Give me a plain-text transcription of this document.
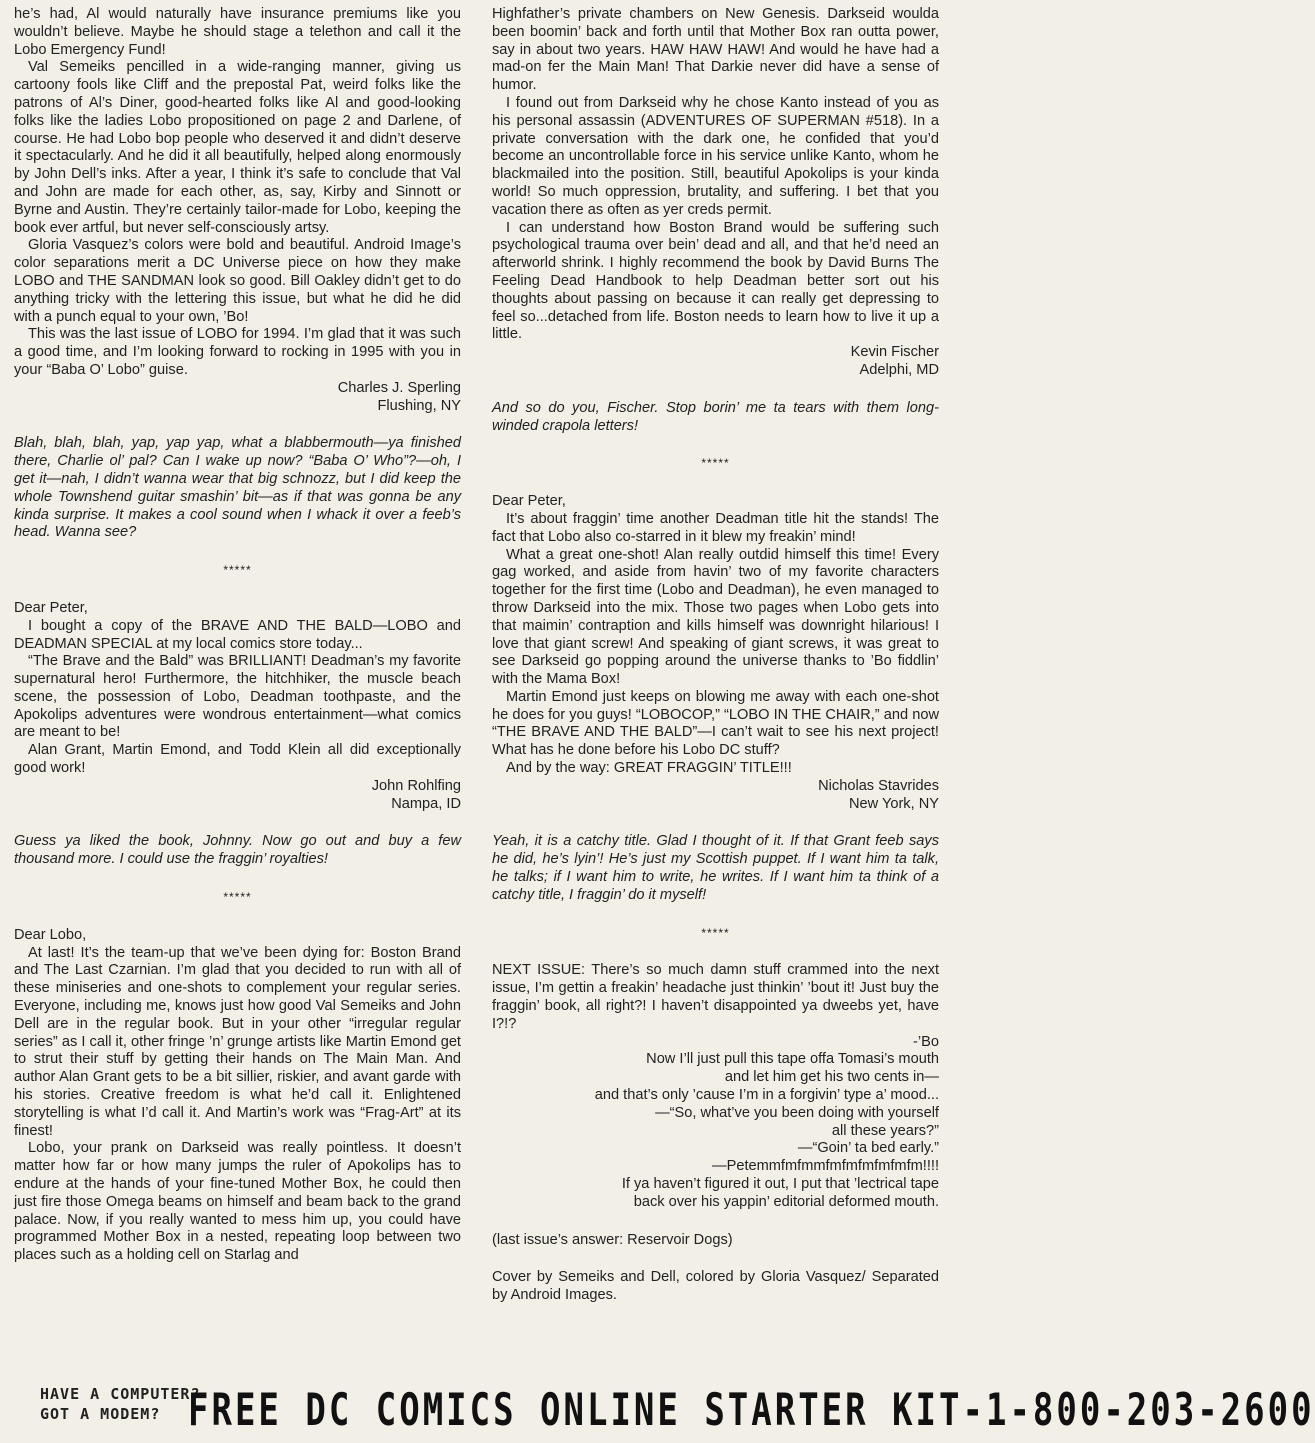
he’s had, Al would naturally have insurance premiums like you wouldn’t believe. Maybe he should stage a telethon and call it the Lobo Emergency Fund!

Val Semeiks pencilled in a wide-ranging manner, giving us cartoony fools like Cliff and the prepostal Pat, weird folks like the patrons of Al’s Diner, good-hearted folks like Al and good-looking folks like the ladies Lobo propositioned on page 2 and Darlene, of course. He had Lobo bop people who deserved it and didn’t deserve it spectacularly. And he did it all beautifully, helped along enormously by John Dell’s inks. After a year, I think it’s safe to conclude that Val and John are made for each other, as, say, Kirby and Sinnott or Byrne and Austin. They’re certainly tailor-made for Lobo, keeping the book ever artful, but never self-consciously artsy.

Gloria Vasquez’s colors were bold and beautiful. Android Image’s color separations merit a DC Universe piece on how they make LOBO and THE SANDMAN look so good. Bill Oakley didn’t get to do anything tricky with the lettering this issue, but what he did he did with a punch equal to your own, ’Bo!

This was the last issue of LOBO for 1994. I’m glad that it was such a good time, and I’m looking forward to rocking in 1995 with you in your “Baba O’ Lobo” guise.

Charles J. Sperling
Flushing, NY

Blah, blah, blah, yap, yap yap, what a blabbermouth—ya finished there, Charlie ol’ pal? Can I wake up now? “Baba O’ Who”?—oh, I get it—nah, I didn’t wanna wear that big schnozz, but I did keep the whole Townshend guitar smashin’ bit—as if that was gonna be any kinda surprise. It makes a cool sound when I whack it over a feeb’s head. Wanna see?

*****

Dear Peter,

I bought a copy of the BRAVE AND THE BALD—LOBO and DEADMAN SPECIAL at my local comics store today...

“The Brave and the Bald” was BRILLIANT! Deadman’s my favorite supernatural hero! Furthermore, the hitchhiker, the muscle beach scene, the possession of Lobo, Deadman toothpaste, and the Apokolips adventures were wondrous entertainment—what comics are meant to be!

Alan Grant, Martin Emond, and Todd Klein all did exceptionally good work!

John Rohlfing
Nampa, ID

Guess ya liked the book, Johnny. Now go out and buy a few thousand more. I could use the fraggin’ royalties!

*****

Dear Lobo,

At last! It’s the team-up that we’ve been dying for: Boston Brand and The Last Czarnian. I’m glad that you decided to run with all of these miniseries and one-shots to complement your regular series. Everyone, including me, knows just how good Val Semeiks and John Dell are in the regular book. But in your other “irregular regular series” as I call it, other fringe ’n’ grunge artists like Martin Emond get to strut their stuff by getting their hands on The Main Man. And author Alan Grant gets to be a bit sillier, riskier, and avant garde with his stories. Creative freedom is what he’d call it. Enlightened storytelling is what I’d call it. And Martin’s work was “Frag-Art” at its finest!

Lobo, your prank on Darkseid was really pointless. It doesn’t matter how far or how many jumps the ruler of Apokolips has to endure at the hands of your fine-tuned Mother Box, he could then just fire those Omega beams on himself and beam back to the grand palace. Now, if you really wanted to mess him up, you could have programmed Mother Box in a nested, repeating loop between two places such as a holding cell on Starlag and

Highfather’s private chambers on New Genesis. Darkseid woulda been boomin’ back and forth until that Mother Box ran outta power, say in about two years. HAW HAW HAW! And would he have had a mad-on fer the Main Man! That Darkie never did have a sense of humor.

I found out from Darkseid why he chose Kanto instead of you as his personal assassin (ADVENTURES OF SUPERMAN #518). In a private conversation with the dark one, he confided that you’d become an uncontrollable force in his service unlike Kanto, whom he blackmailed into the position. Still, beautiful Apokolips is your kinda world! So much oppression, brutality, and suffering. I bet that you vacation there as often as yer creds permit.

I can understand how Boston Brand would be suffering such psychological trauma over bein’ dead and all, and that he’d need an afterworld shrink. I highly recommend the book by David Burns The Feeling Dead Handbook to help Deadman better sort out his thoughts about passing on because it can really get depressing to feel so...detached from life. Boston needs to learn how to live it up a little.

Kevin Fischer
Adelphi, MD

And so do you, Fischer. Stop borin’ me ta tears with them long-winded crapola letters!

*****

Dear Peter,

It’s about fraggin’ time another Deadman title hit the stands! The fact that Lobo also co-starred in it blew my freakin’ mind!

What a great one-shot! Alan really outdid himself this time! Every gag worked, and aside from havin’ two of my favorite characters together for the first time (Lobo and Deadman), he even managed to throw Darkseid into the mix. Those two pages when Lobo gets into that maimin’ contraption and kills himself was downright hilarious! I love that giant screw! And speaking of giant screws, it was great to see Darkseid go popping around the universe thanks to ’Bo fiddlin’ with the Mama Box!

Martin Emond just keeps on blowing me away with each one-shot he does for you guys! “LOBOCOP,” “LOBO IN THE CHAIR,” and now “THE BRAVE AND THE BALD”—I can’t wait to see his next project! What has he done before his Lobo DC stuff?

And by the way: GREAT FRAGGIN’ TITLE!!!

Nicholas Stavrides
New York, NY

Yeah, it is a catchy title. Glad I thought of it. If that Grant feeb says he did, he’s lyin’! He’s just my Scottish puppet. If I want him ta talk, he talks; if I want him to write, he writes. If I want him ta think of a catchy title, I fraggin’ do it myself!

*****

NEXT ISSUE: There’s so much damn stuff crammed into the next issue, I’m gettin a freakin’ headache just thinkin’ ’bout it! Just buy the fraggin’ book, all right?! I haven’t disappointed ya dweebs yet, have I?!?

-’Bo
Now I’ll just pull this tape offa Tomasi’s mouth
and let him get his two cents in—
and that’s only ’cause I’m in a forgivin’ type a’ mood...
—“So, what’ve you been doing with yourself
all these years?”
—“Goin’ ta bed early.”
—Petemmfmfmmfmfmfmfmfmfm!!!!
If ya haven’t figured it out, I put that ’lectrical tape
back over his yappin’ editorial deformed mouth.

(last issue’s answer: Reservoir Dogs)

Cover by Semeiks and Dell, colored by Gloria Vasquez/ Separated by Android Images.

HAVE A COMPUTER?
GOT A MODEM? FREE DC COMICS ONLINE STARTER KIT-1-800-203-2600
